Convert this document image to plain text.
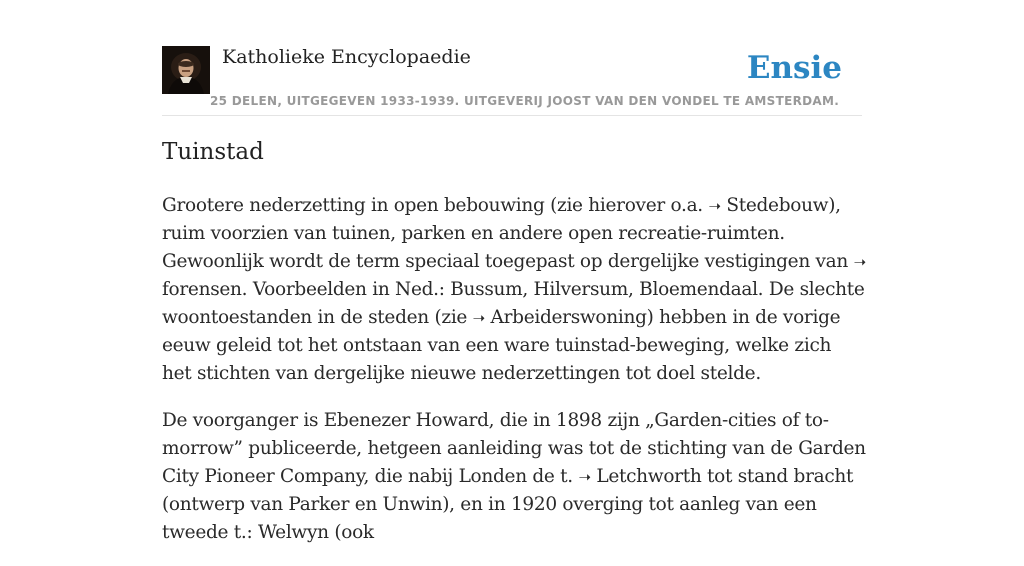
Katholieke Encyclopaedie
25 DELEN, UITGEGEVEN 1933-1939. UITGEVERIJ JOOST VAN DEN VONDEL TE AMSTERDAM.
Ensie
Tuinstad

Grootere nederzetting in open bebouwing (zie hierover o.a. ➝ Stedebouw), ruim voorzien van tuinen, parken en andere open recreatie-ruimten. Gewoonlijk wordt de term speciaal toegepast op dergelijke vestigingen van ➝ forensen. Voorbeelden in Ned.: Bussum, Hilversum, Bloemendaal. De slechte woontoestanden in de steden (zie ➝ Arbeiderswoning) hebben in de vorige eeuw geleid tot het ontstaan van een ware tuinstad-beweging, welke zich het stichten van dergelijke nieuwe nederzettingen tot doel stelde.

De voorganger is Ebenezer Howard, die in 1898 zijn „Garden-cities of to-morrow” publiceerde, hetgeen aanleiding was tot de stichting van de Garden City Pioneer Company, die nabij Londen de t. ➝ Letchworth tot stand bracht (ontwerp van Parker en Unwin), en in 1920 overging tot aanleg van een tweede t.: Welwyn (ook
